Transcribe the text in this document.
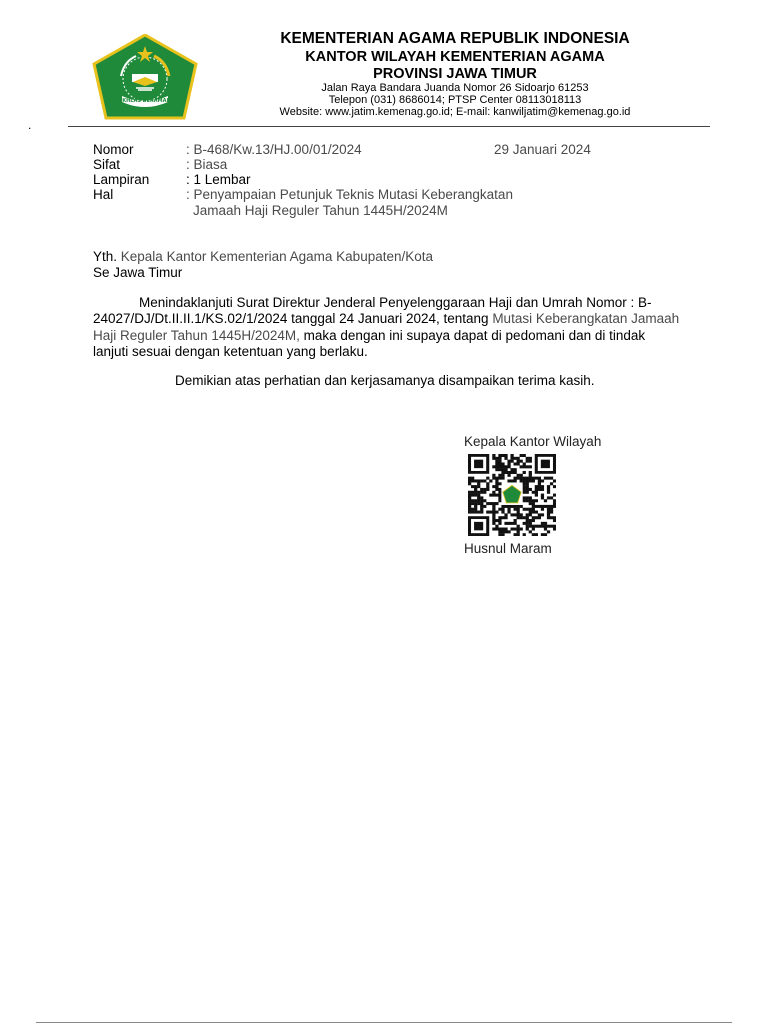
IKHLAS BERAMAL
KEMENTERIAN AGAMA REPUBLIK INDONESIA
KANTOR WILAYAH KEMENTERIAN AGAMA
PROVINSI JAWA TIMUR
Jalan Raya Bandara Juanda Nomor 26 Sidoarjo 61253
Telepon (031) 8686014; PTSP Center 08113018113
Website: www.jatim.kemenag.go.id; E-mail: kanwiljatim@kemenag.go.id
.
Nomor	: B-468/Kw.13/HJ.00/01/2024	29 Januari 2024
Sifat	: Biasa
Lampiran	: 1 Lembar
Hal	: Penyampaian Petunjuk Teknis Mutasi Keberangkatan
Jamaah Haji Reguler Tahun 1445H/2024M
Yth. Kepala Kantor Kementerian Agama Kabupaten/Kota
Se Jawa Timur
Menindaklanjuti Surat Direktur Jenderal Penyelenggaraan Haji dan Umrah Nomor : B-24027/DJ/Dt.II.II.1/KS.02/1/2024 tanggal 24 Januari 2024, tentang Mutasi Keberangkatan Jamaah Haji Reguler Tahun 1445H/2024M, maka dengan ini supaya dapat di pedomani dan di tindak lanjuti sesuai dengan ketentuan yang berlaku.
Demikian atas perhatian dan kerjasamanya disampaikan terima kasih.
Kepala Kantor Wilayah
Husnul Maram
